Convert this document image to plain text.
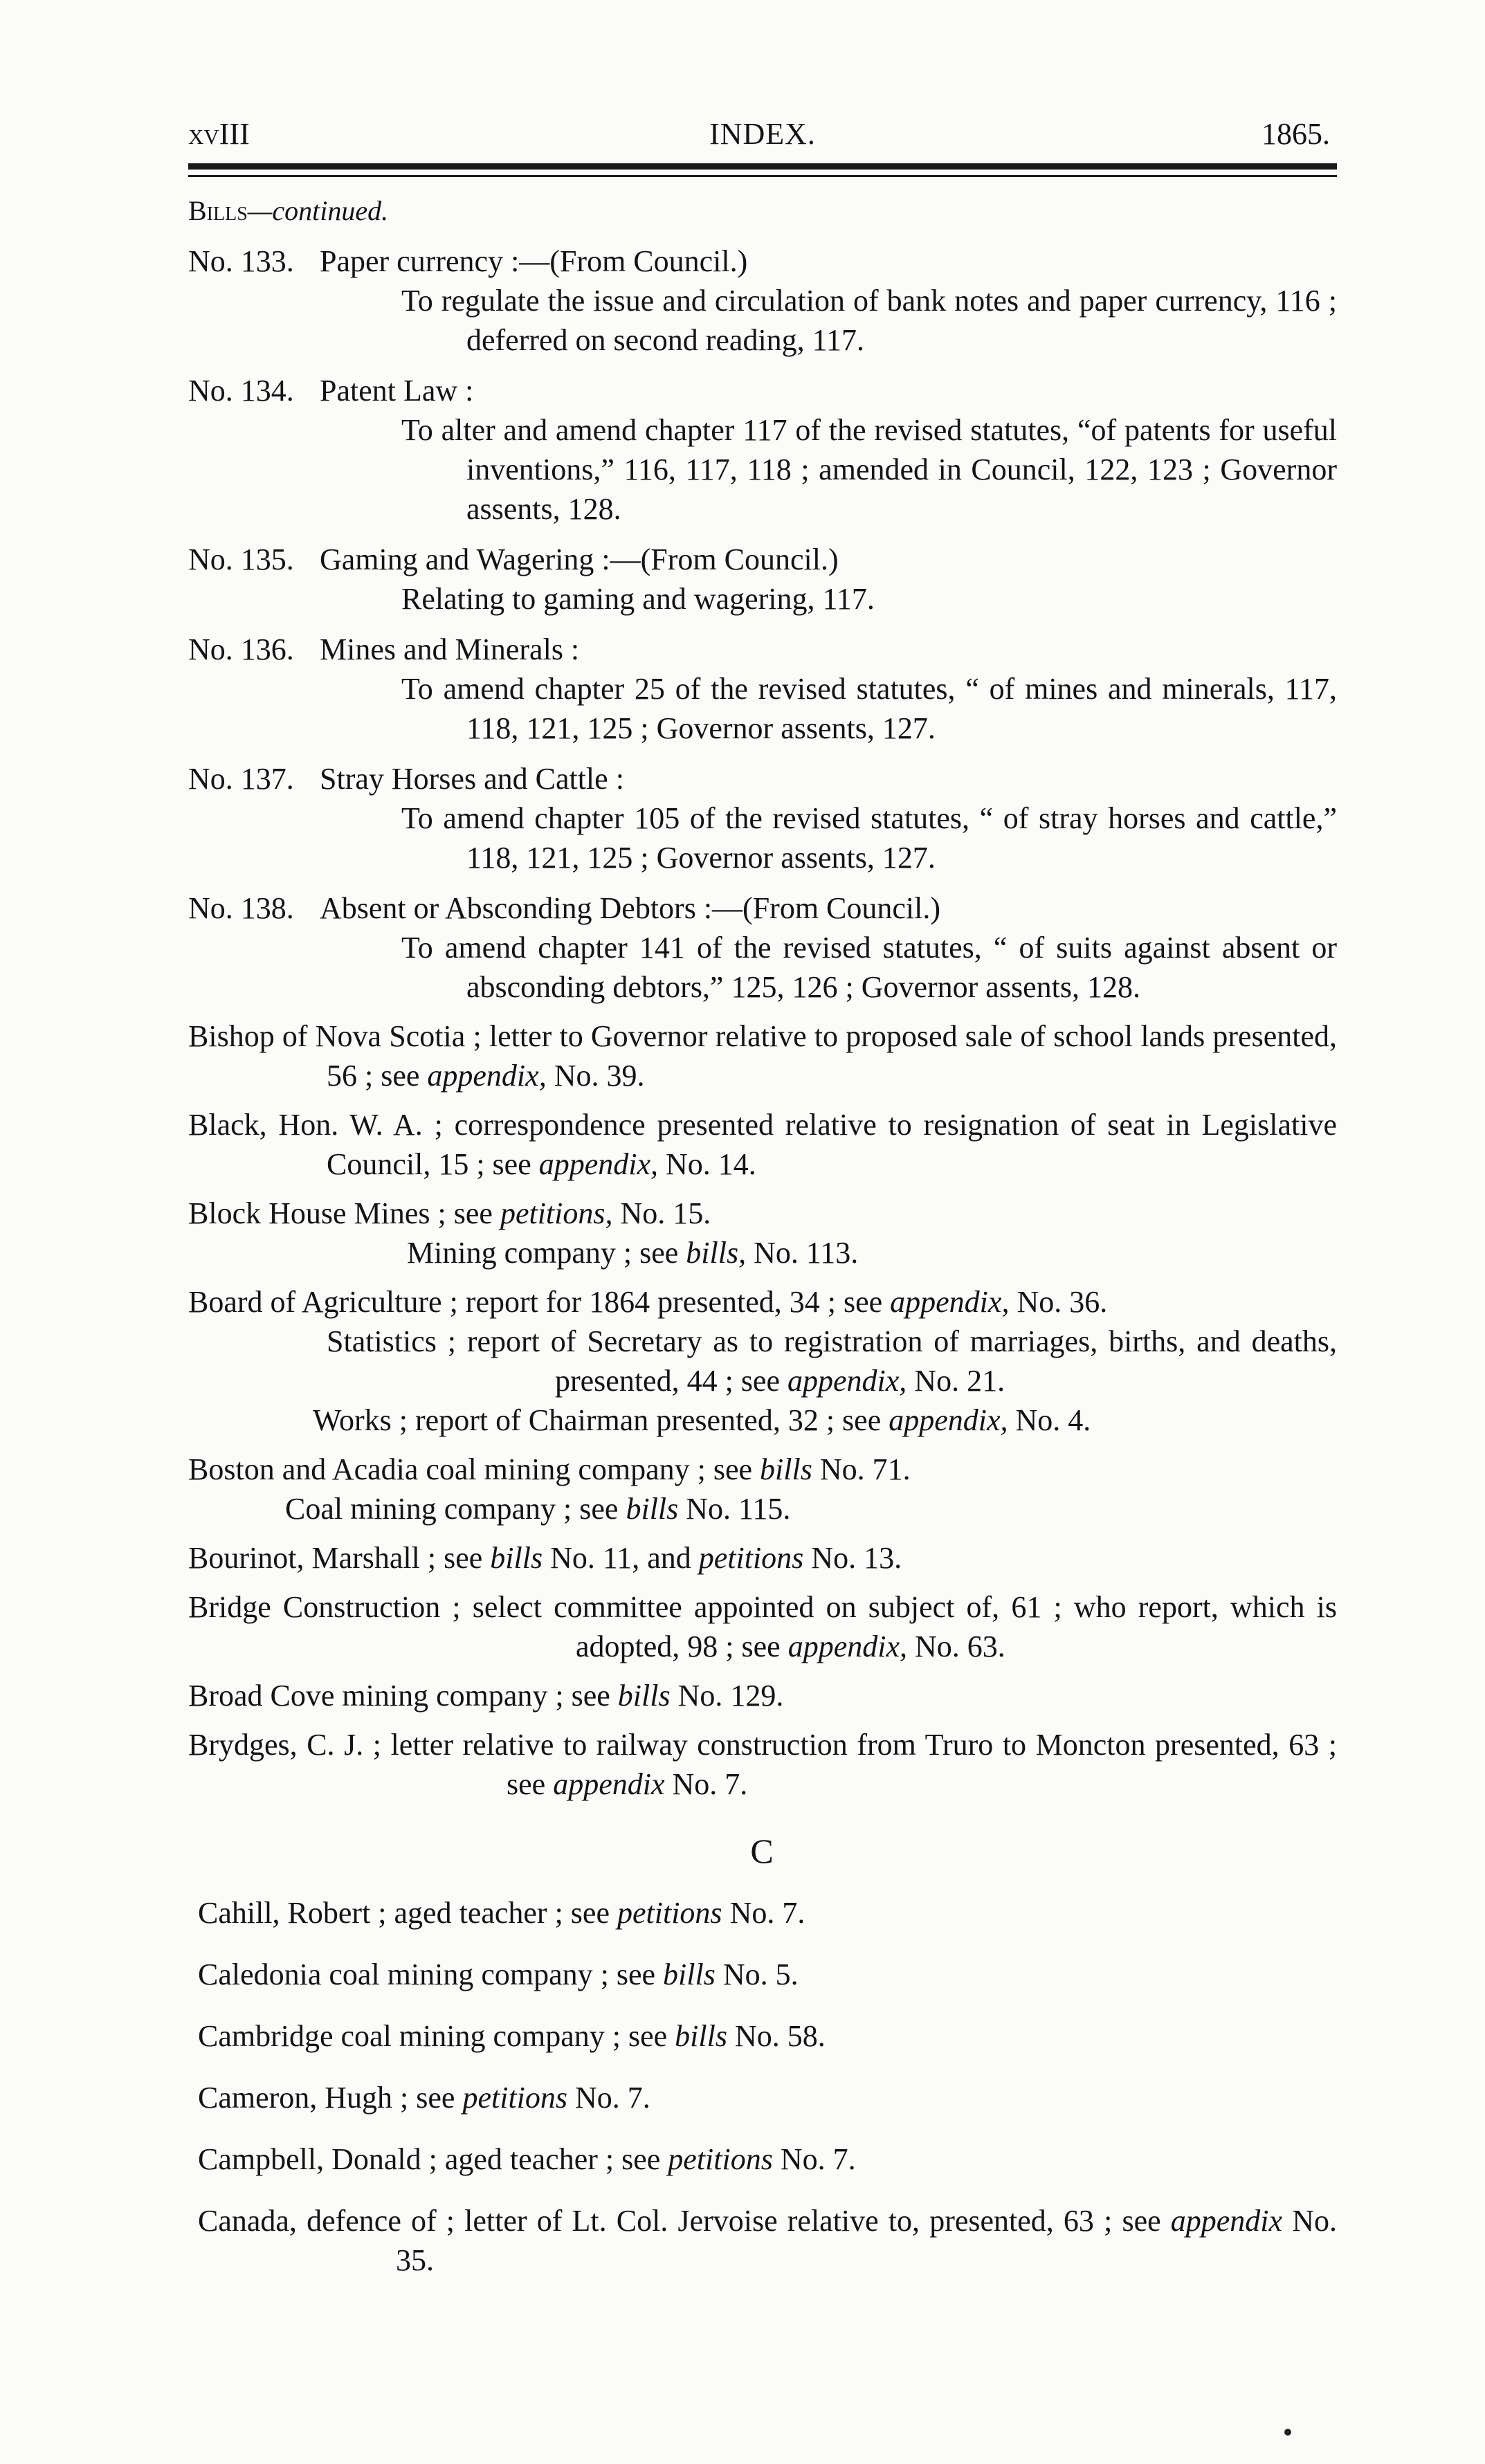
xvIII	INDEX.	1865.
Bills—continued.
No. 133. Paper currency :—(From Council.)
To regulate the issue and circulation of bank notes and paper currency, 116 ; deferred on second reading, 117.
No. 134. Patent Law :
To alter and amend chapter 117 of the revised statutes, “of patents for useful inventions,” 116, 117, 118 ; amended in Council, 122, 123 ; Governor assents, 128.
No. 135. Gaming and Wagering :—(From Council.)
Relating to gaming and wagering, 117.
No. 136. Mines and Minerals :
To amend chapter 25 of the revised statutes, “ of mines and minerals, 117, 118, 121, 125 ; Governor assents, 127.
No. 137. Stray Horses and Cattle :
To amend chapter 105 of the revised statutes, “ of stray horses and cattle,” 118, 121, 125 ; Governor assents, 127.
No. 138. Absent or Absconding Debtors :—(From Council.)
To amend chapter 141 of the revised statutes, “ of suits against absent or absconding debtors,” 125, 126 ; Governor assents, 128.
Bishop of Nova Scotia ; letter to Governor relative to proposed sale of school lands presented, 56 ; see appendix, No. 39.
Black, Hon. W. A. ; correspondence presented relative to resignation of seat in Legislative Council, 15 ; see appendix, No. 14.
Block House Mines ; see petitions, No. 15.
Mining company ; see bills, No. 113.
Board of Agriculture ; report for 1864 presented, 34 ; see appendix, No. 36.
Statistics ; report of Secretary as to registration of marriages, births, and deaths, presented, 44 ; see appendix, No. 21.
Works ; report of Chairman presented, 32 ; see appendix, No. 4.
Boston and Acadia coal mining company ; see bills No. 71.
Coal mining company ; see bills No. 115.
Bourinot, Marshall ; see bills No. 11, and petitions No. 13.
Bridge Construction ; select committee appointed on subject of, 61 ; who report, which is adopted, 98 ; see appendix, No. 63.
Broad Cove mining company ; see bills No. 129.
Brydges, C. J. ; letter relative to railway construction from Truro to Moncton presented, 63 ; see appendix No. 7.
C
Cahill, Robert ; aged teacher ; see petitions No. 7.
Caledonia coal mining company ; see bills No. 5.
Cambridge coal mining company ; see bills No. 58.
Cameron, Hugh ; see petitions No. 7.
Campbell, Donald ; aged teacher ; see petitions No. 7.
Canada, defence of ; letter of Lt. Col. Jervoise relative to, presented, 63 ; see appendix No. 35.
